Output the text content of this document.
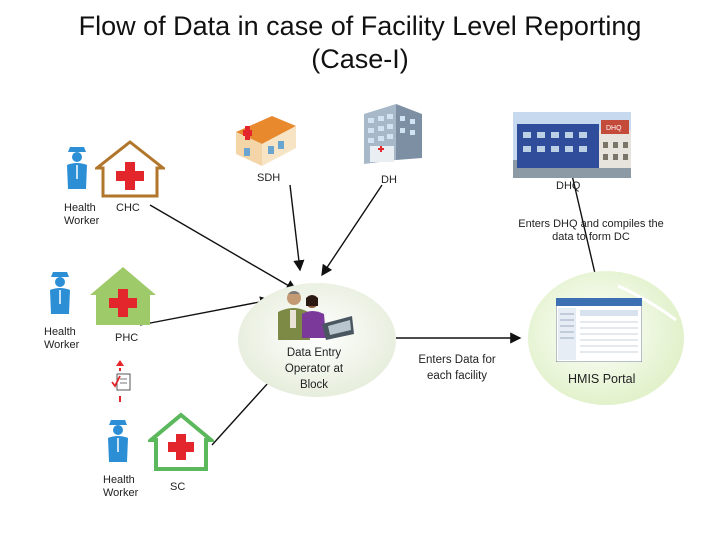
Flow of Data in case of Facility Level Reporting
(Case-I)
Health
Worker
CHC
Health
Worker
PHC
Health
Worker	SC
SDH	DH
DHQ
DHQ
Enters DHQ and compiles the
data to form DC
Data Entry
Operator at
Block
Enters Data for
each facility	HMIS Portal
